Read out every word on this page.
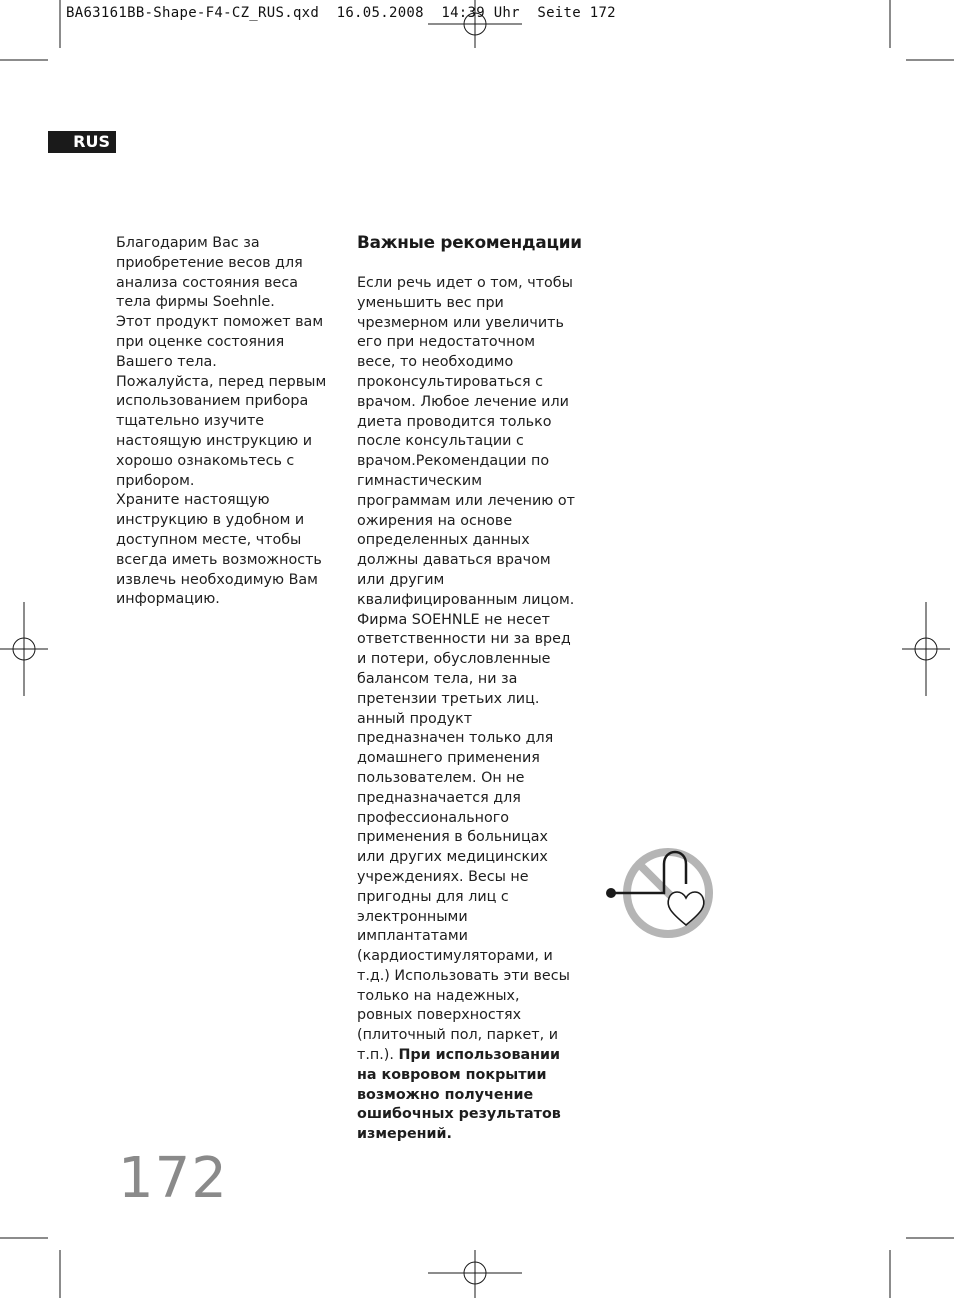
BA63161BB-Shape-F4-CZ_RUS.qxd  16.05.2008  14:39 Uhr  Seite 172
RUS

Благодарим Вас за приобретение весов для анализа состояния веса тела фирмы Soehnle.

Этот продукт поможет вам при оценке состояния Вашего тела.

Пожалуйста, перед первым использованием прибора тщательно изучите настоящую инструкцию и хорошо ознакомьтесь с прибором.

Храните настоящую инструкцию в удобном и доступном месте, чтобы всегда иметь возможность извлечь необходимую Вам информацию.

Важные рекомендации

Если речь идет о том, чтобы уменьшить вес при чрезмерном или увеличить его при недостаточном весе, то необходимо проконсультироваться с врачом. Любое лечение или диета проводится только после консультации с врачом.Рекомендации по гимнастическим программам или лечению от ожирения на основе определенных данных должны даваться врачом или другим квалифицированным лицом. Фирма SOEHNLE не несет ответственности ни за вред и потери, обусловленные балансом тела, ни за претензии третьих лиц. анный продукт предназначен только для домашнего применения пользователем. Он не предназначается для профессионального применения в больницах или других медицинских учреждениях. Весы не пригодны для лиц с электронными имплантатами (кардиостимуляторами, и т.д.) Использовать эти весы только на надежных, ровных поверхностях (плиточный пол, паркет, и т.п.). При использовании на ковровом покрытии возможно получение ошибочных результатов измерений.

172
